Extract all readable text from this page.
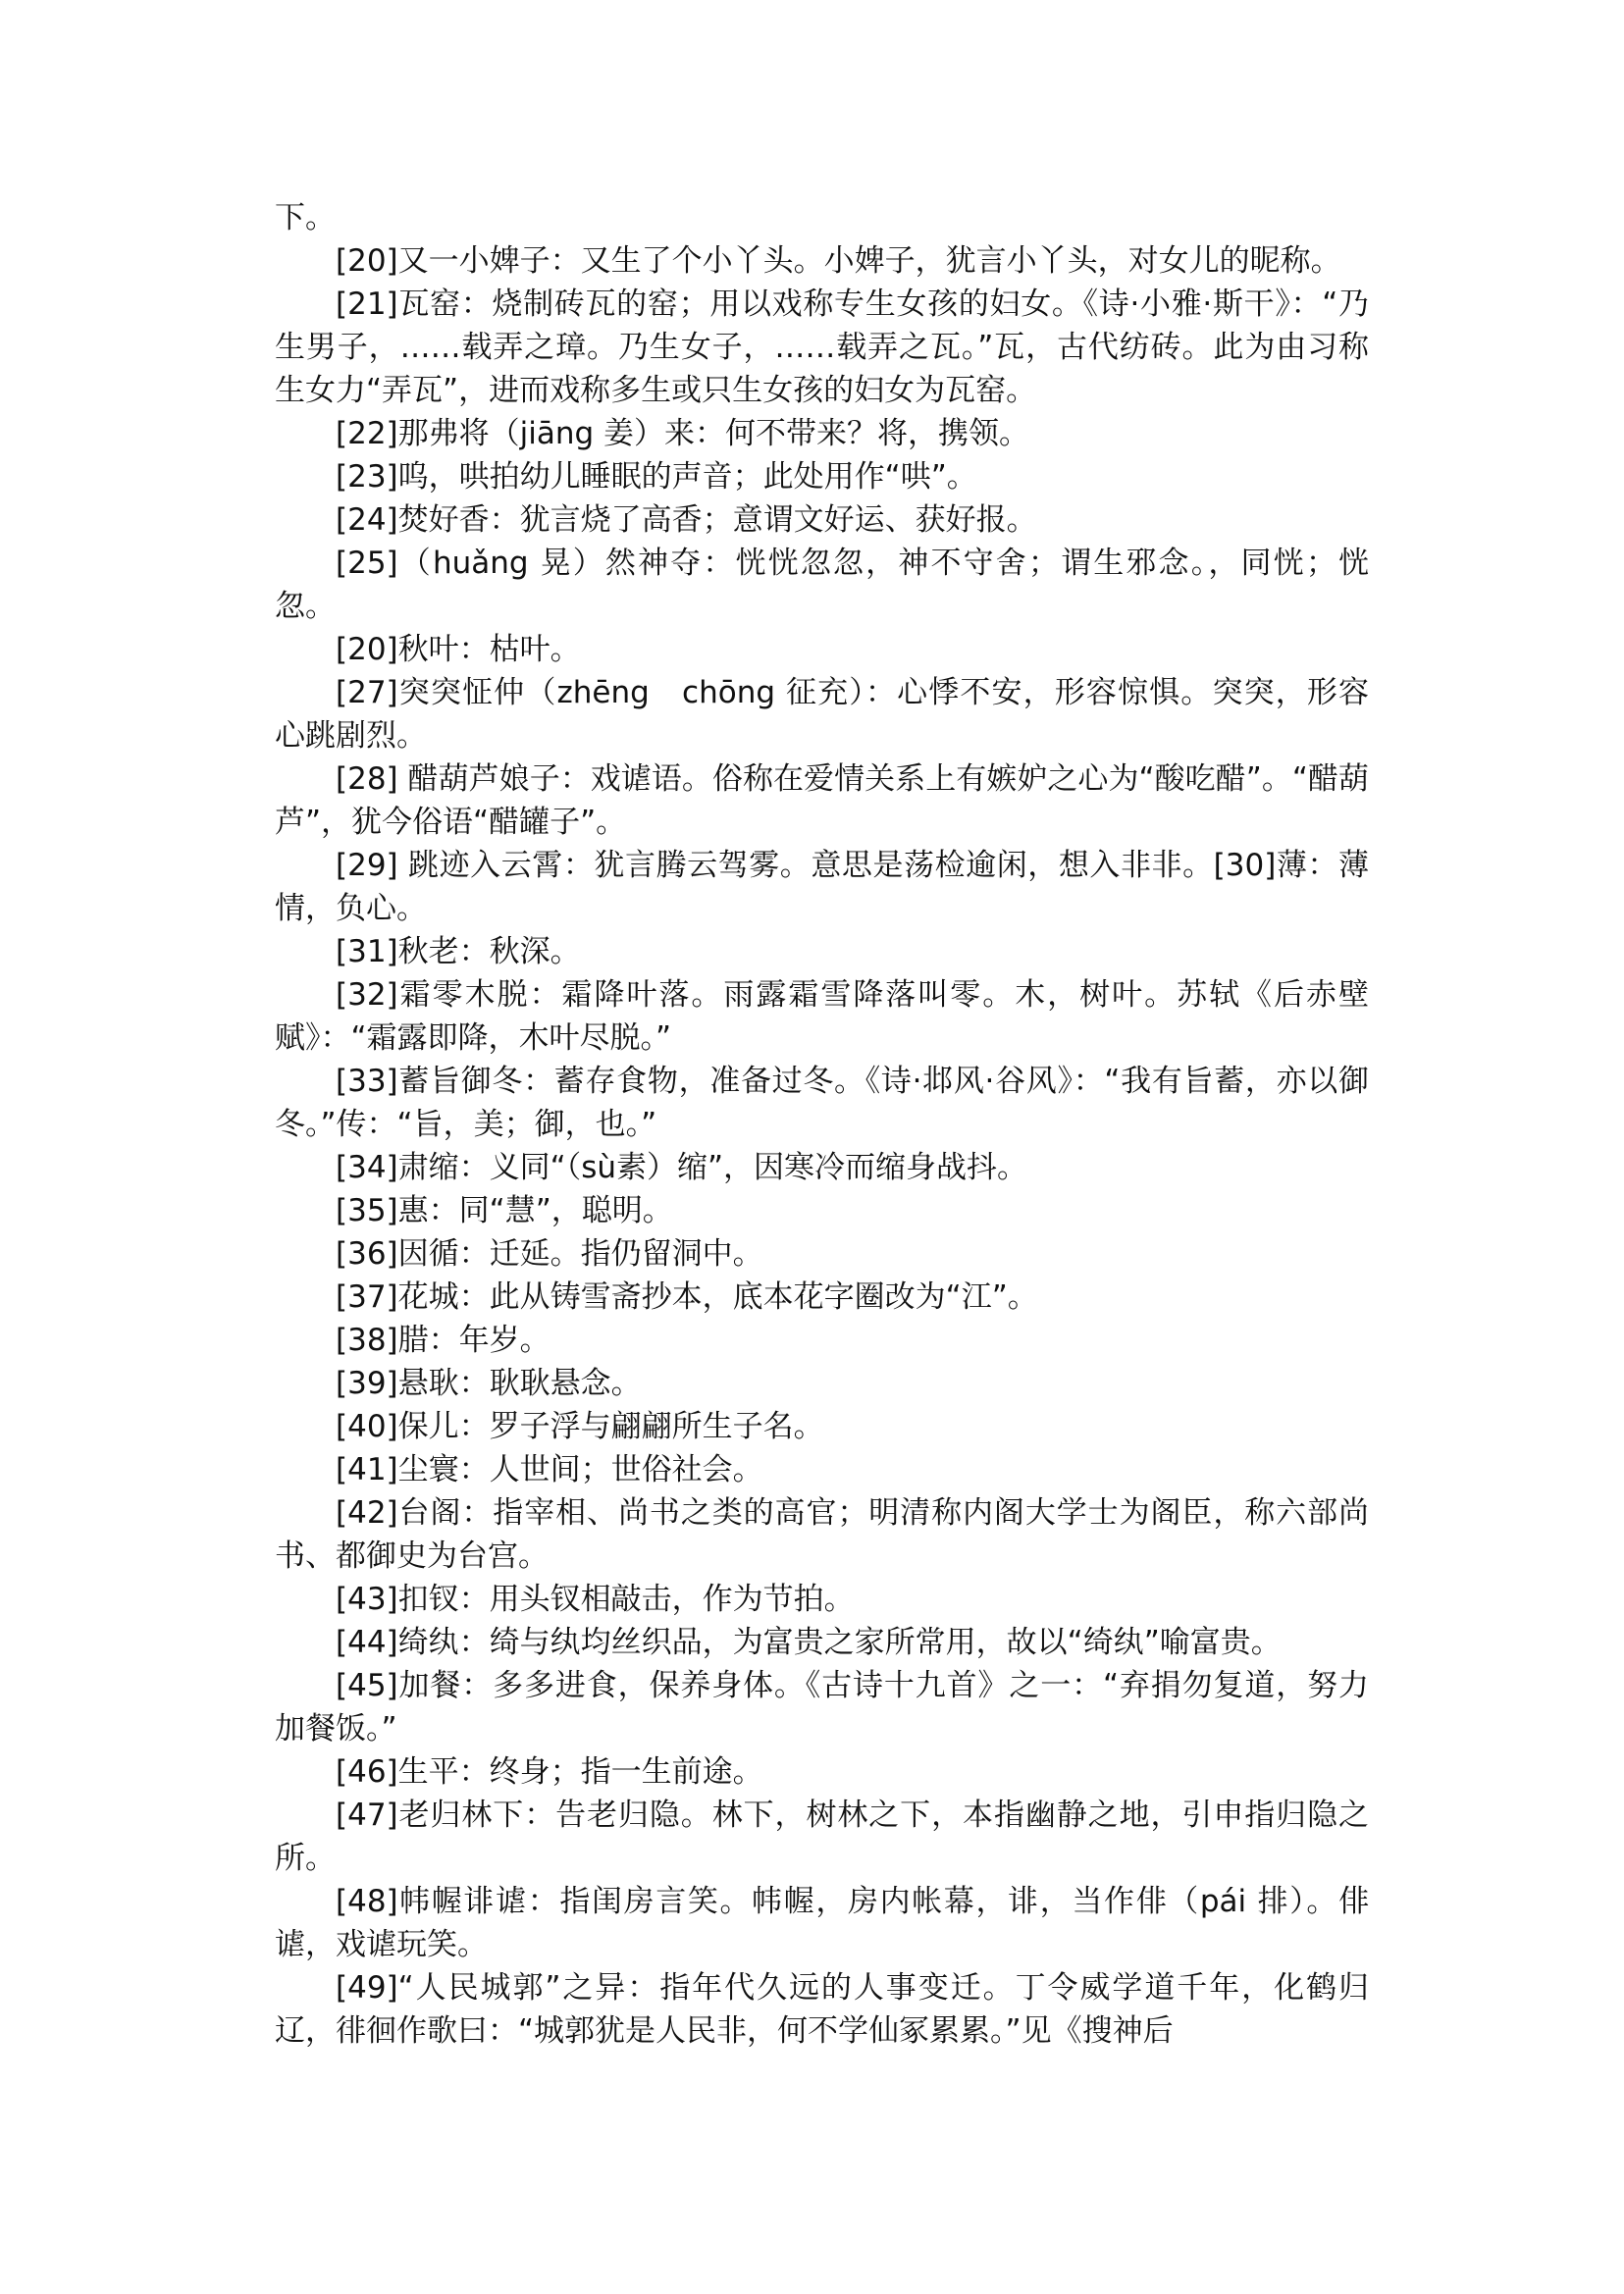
下。

[20]又一小婢子：又生了个小丫头。小婢子，犹言小丫头，对女儿的昵称。

[21]瓦窑：烧制砖瓦的窑；用以戏称专生女孩的妇女。《诗·小雅·斯干》：“乃生男子，……载弄之璋。乃生女子，……载弄之瓦。”瓦，古代纺砖。此为由习称生女力“弄瓦”，进而戏称多生或只生女孩的妇女为瓦窑。

[22]那弗将（jiāng 姜）来：何不带来？将，携领。

[23]呜，哄拍幼儿睡眠的声音；此处用作“哄”。

[24]焚好香：犹言烧了高香；意谓文好运、获好报。

[25]（huǎng 晃）然神夺：恍恍忽忽，神不守舍；谓生邪念。，同恍；恍忽。

[20]秋叶：枯叶。

[27]突突怔仲（zhēng　chōng 征充）：心悸不安，形容惊惧。突突，形容心跳剧烈。

[28] 醋葫芦娘子：戏谑语。俗称在爱情关系上有嫉妒之心为“酸吃醋”。“醋葫芦”，犹今俗语“醋罐子”。

[29] 跳迹入云霄：犹言腾云驾雾。意思是荡检逾闲，想入非非。[30]薄：薄情，负心。

[31]秋老：秋深。

[32]霜零木脱：霜降叶落。雨露霜雪降落叫零。木，树叶。苏轼《后赤壁赋》：“霜露即降，木叶尽脱。”

[33]蓄旨御冬：蓄存食物，准备过冬。《诗·邶风·谷风》：“我有旨蓄，亦以御冬。”传：“旨，美；御，也。”

[34]肃缩：义同“（sù素）缩”，因寒冷而缩身战抖。

[35]惠：同“慧”，聪明。

[36]因循：迁延。指仍留洞中。

[37]花城：此从铸雪斋抄本，底本花字圈改为“江”。

[38]腊：年岁。

[39]悬耿：耿耿悬念。

[40]保儿：罗子浮与翩翩所生子名。

[41]尘寰：人世间；世俗社会。

[42]台阁：指宰相、尚书之类的高官；明清称内阁大学士为阁臣，称六部尚书、都御史为台宫。

[43]扣钗：用头钗相敲击，作为节拍。

[44]绮纨：绮与纨均丝织品，为富贵之家所常用，故以“绮纨”喻富贵。

[45]加餐：多多进食，保养身体。《古诗十九首》之一：“弃捐勿复道，努力加餐饭。”

[46]生平：终身；指一生前途。

[47]老归林下：告老归隐。林下，树林之下，本指幽静之地，引申指归隐之所。

[48]帏幄诽谑：指闺房言笑。帏幄，房内帐幕，诽，当作俳（pái 排）。俳谑，戏谑玩笑。

[49]“人民城郭”之异：指年代久远的人事变迁。丁令威学道千年，化鹤归辽，徘徊作歌曰：“城郭犹是人民非，何不学仙冢累累。”见《搜神后
